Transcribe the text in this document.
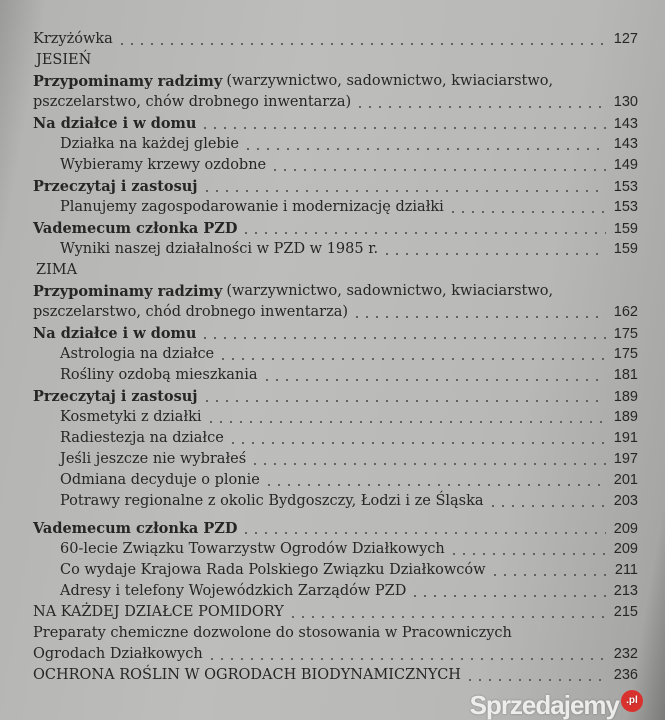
Krzyżówka	127
JESIEŃ
Przypominamy radzimy (warzywnictwo, sadownictwo, kwiaciarstwo,
pszczelarstwo, chów drobnego inwentarza)	130
Na działce i w domu	143
Działka na każdej glebie	143
Wybieramy krzewy ozdobne	149
Przeczytaj i zastosuj	153
Planujemy zagospodarowanie i modernizację działki	153
Vademecum członka PZD	159
Wyniki naszej działalności w PZD w 1985 r.	159
ZIMA
Przypominamy radzimy (warzywnictwo, sadownictwo, kwiaciarstwo,
pszczelarstwo, chód drobnego inwentarza)	162
Na działce i w domu	175
Astrologia na działce	175
Rośliny ozdobą mieszkania	181
Przeczytaj i zastosuj	189
Kosmetyki z działki	189
Radiestezja na działce	191
Jeśli jeszcze nie wybrałeś	197
Odmiana decyduje o plonie	201
Potrawy regionalne z okolic Bydgoszczy, Łodzi i ze Śląska	203
Vademecum członka PZD	209
60-lecie Związku Towarzystw Ogrodów Działkowych	209
Co wydaje Krajowa Rada Polskiego Związku Działkowców	211
Adresy i telefony Wojewódzkich Zarządów PZD	213
NA KAŻDEJ DZIAŁCE POMIDORY	215
Preparaty chemiczne dozwolone do stosowania w Pracowniczych
Ogrodach Działkowych	232
OCHRONA ROŚLIN W OGRODACH BIODYNAMICZNYCH	236
Sprzedajemy .pl
